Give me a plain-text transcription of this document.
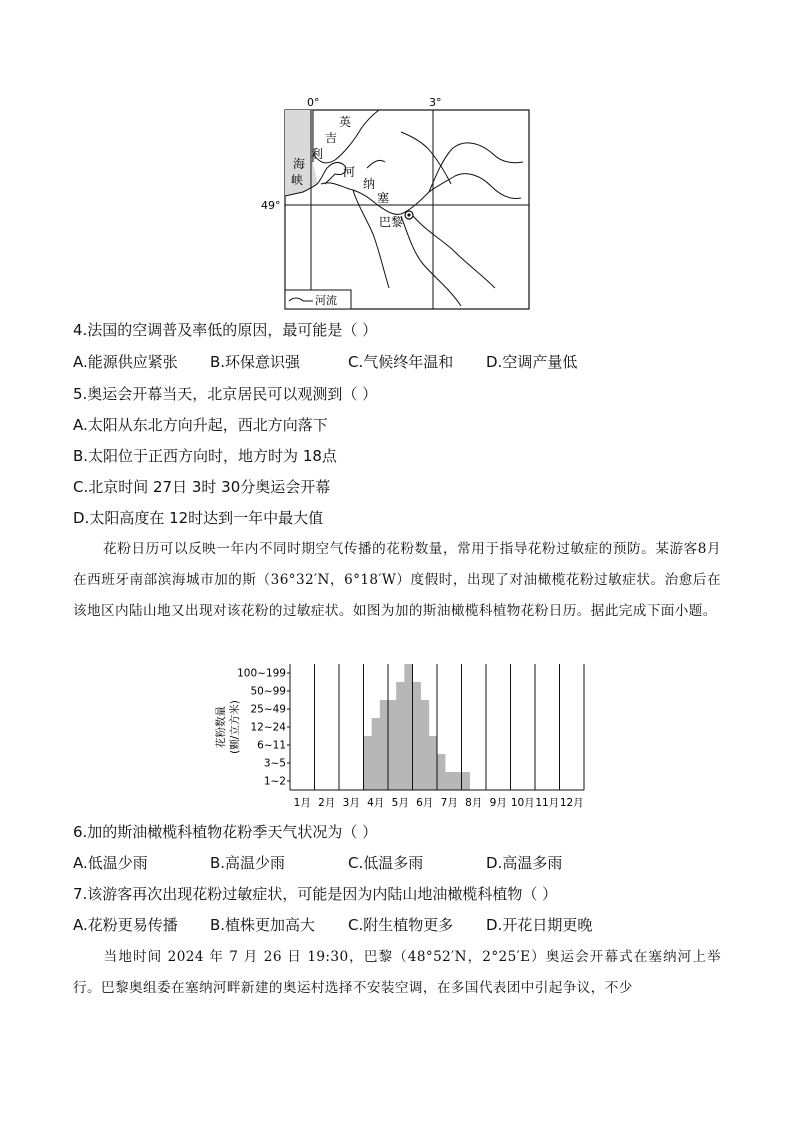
0°	3°
49°
英
吉
利
海
峡
河
纳
塞
巴黎
河流
4.法国的空调普及率低的原因，最可能是（ ）
A.能源供应紧张 B.环保意识强	C.气候终年温和 D.空调产量低
5.奥运会开幕当天，北京居民可以观测到（ ）
A.太阳从东北方向升起，西北方向落下
B.太阳位于正西方向时，地方时为 18点
C.北京时间 27日 3时 30分奥运会开幕
D.太阳高度在 12时达到一年中最大值
花粉日历可以反映一年内不同时期空气传播的花粉数量，常用于指导花粉过敏症的预防。某游客8月在西班牙南部滨海城市加的斯（36°32′N，6°18′W）度假时，出现了对油橄榄花粉过敏症状。治愈后在该地区内陆山地又出现对该花粉的过敏症状。如图为加的斯油橄榄科植物花粉日历。据此完成下面小题。
1~2
3~5
6~11
12~24
25~49
50~99
100~199
1月 2月 3月 4月 5月 6月 7月 8月 9月 10月 11月 12月
花粉数量 (颗/立方米)
6.加的斯油橄榄科植物花粉季天气状况为（ ）
A.低温少雨	B.高温少雨	C.低温多雨	D.高温多雨
7.该游客再次出现花粉过敏症状，可能是因为内陆山地油橄榄科植物（ ）
A.花粉更易传播 B.植株更加高大 C.附生植物更多 D.开花日期更晚
当地时间 2024 年 7 月 26 日 19:30，巴黎（48°52′N，2°25′E）奥运会开幕式在塞纳河上举行。巴黎奥组委在塞纳河畔新建的奥运村选择不安装空调，在多国代表团中引起争议，不少
